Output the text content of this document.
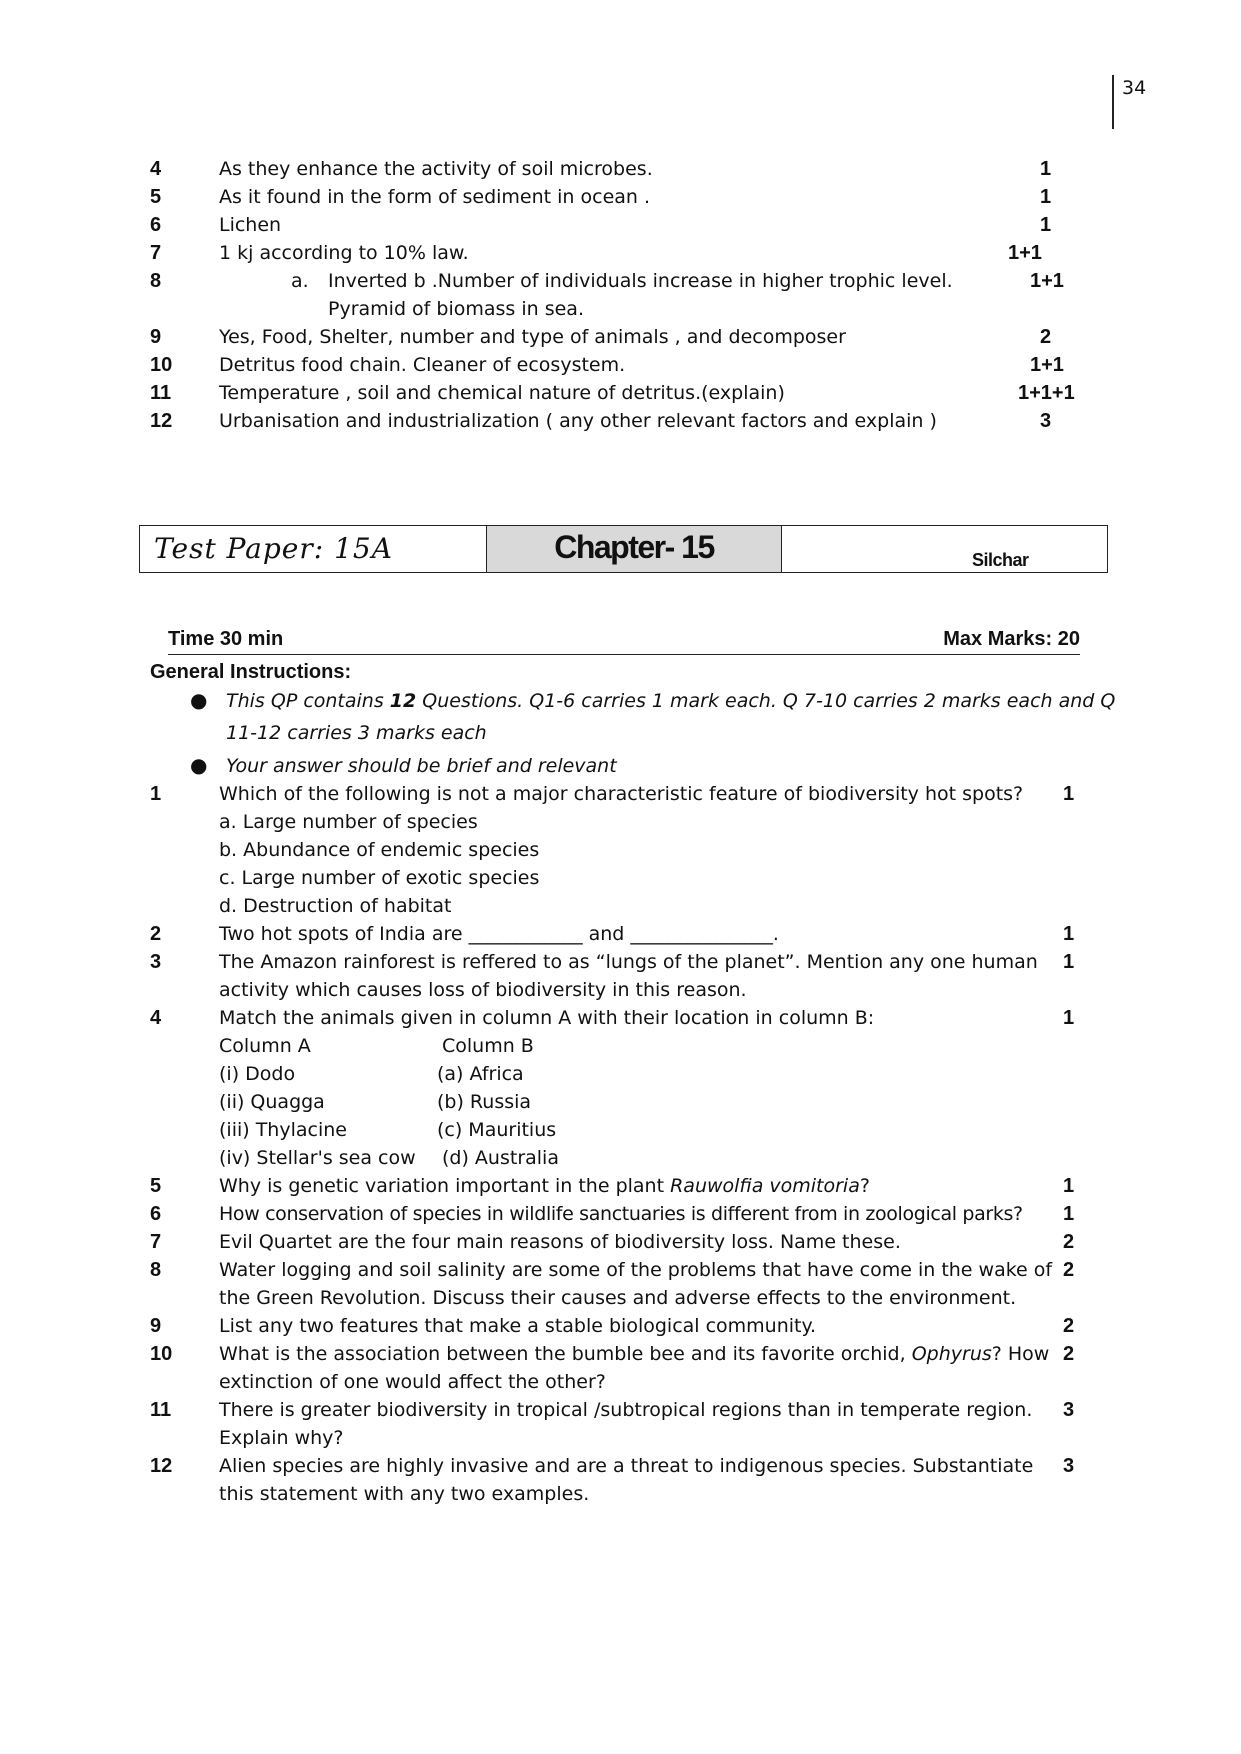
34
4	As they enhance the activity of soil microbes.	1
5	As it found in the form of sediment in ocean .	1
6	Lichen	1
7	1 kj according to 10% law.	1+1
8	a. Inverted b .Number of individuals increase in higher trophic level.	1+1
Pyramid of biomass in sea.
9	Yes, Food, Shelter, number and type of animals , and decomposer	2
10 Detritus food chain. Cleaner of ecosystem.	1+1
11	Temperature , soil and chemical nature of detritus.(explain)	1+1+1
12 Urbanisation and industrialization ( any other relevant factors and explain )	3
Test Paper: 15A	Chapter- 15	Silchar
Time 30 min	Max Marks: 20
General Instructions:
● This QP contains 12 Questions. Q1-6 carries 1 mark each. Q 7-10 carries 2 marks each and Q
11-12 carries 3 marks each
● Your answer should be brief and relevant
1	Which of the following is not a major characteristic feature of biodiversity hot spots? 1
a. Large number of species
b. Abundance of endemic species
c. Large number of exotic species
d. Destruction of habitat
2	Two hot spots of India are ____________ and _______________.	1
3	The Amazon rainforest is reffered to as “lungs of the planet”. Mention any one human 1
activity which causes loss of biodiversity in this reason.
4	Match the animals given in column A with their location in column B:	1
Column A	Column B
(i) Dodo	(a) Africa
(ii) Quagga	(b) Russia
(iii) Thylacine	(c) Mauritius
(iv) Stellar's sea cow (d) Australia
5	Why is genetic variation important in the plant Rauwolfia vomitoria?	1
6	How conservation of species in wildlife sanctuaries is different from in zoological parks? 1
7	Evil Quartet are the four main reasons of biodiversity loss. Name these.	2
8	Water logging and soil salinity are some of the problems that have come in the wake of 2
the Green Revolution. Discuss their causes and adverse effects to the environment.
9	List any two features that make a stable biological community.	2
10 What is the association between the bumble bee and its favorite orchid, Ophyrus? How 2
extinction of one would affect the other?
11	There is greater biodiversity in tropical /subtropical regions than in temperate region. 3
Explain why?
12 Alien species are highly invasive and are a threat to indigenous species. Substantiate 3
this statement with any two examples.
